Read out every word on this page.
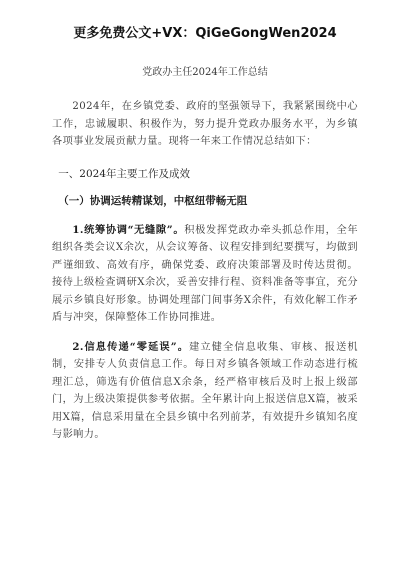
更多免费公文+VX：QiGeGongWen2024
党政办主任2024年工作总结
2024年，在乡镇党委、政府的坚强领导下，我紧紧围绕中心工作，忠诚履职、积极作为，努力提升党政办服务水平，为乡镇各项事业发展贡献力量。现将一年来工作情况总结如下：
一、2024年主要工作及成效
（一）协调运转精谋划，中枢纽带畅无阻
1.统筹协调“无缝隙”。积极发挥党政办牵头抓总作用，全年组织各类会议X余次，从会议筹备、议程安排到纪要撰写，均做到严谨细致、高效有序，确保党委、政府决策部署及时传达贯彻。接待上级检查调研X余次，妥善安排行程、资料准备等事宜，充分展示乡镇良好形象。协调处理部门间事务X余件，有效化解工作矛盾与冲突，保障整体工作协同推进。
2.信息传递“零延误”。建立健全信息收集、审核、报送机制，安排专人负责信息工作。每日对乡镇各领域工作动态进行梳理汇总，筛选有价值信息X余条，经严格审核后及时上报上级部门，为上级决策提供参考依据。全年累计向上报送信息X篇，被采用X篇，信息采用量在全县乡镇中名列前茅，有效提升乡镇知名度与影响力。
